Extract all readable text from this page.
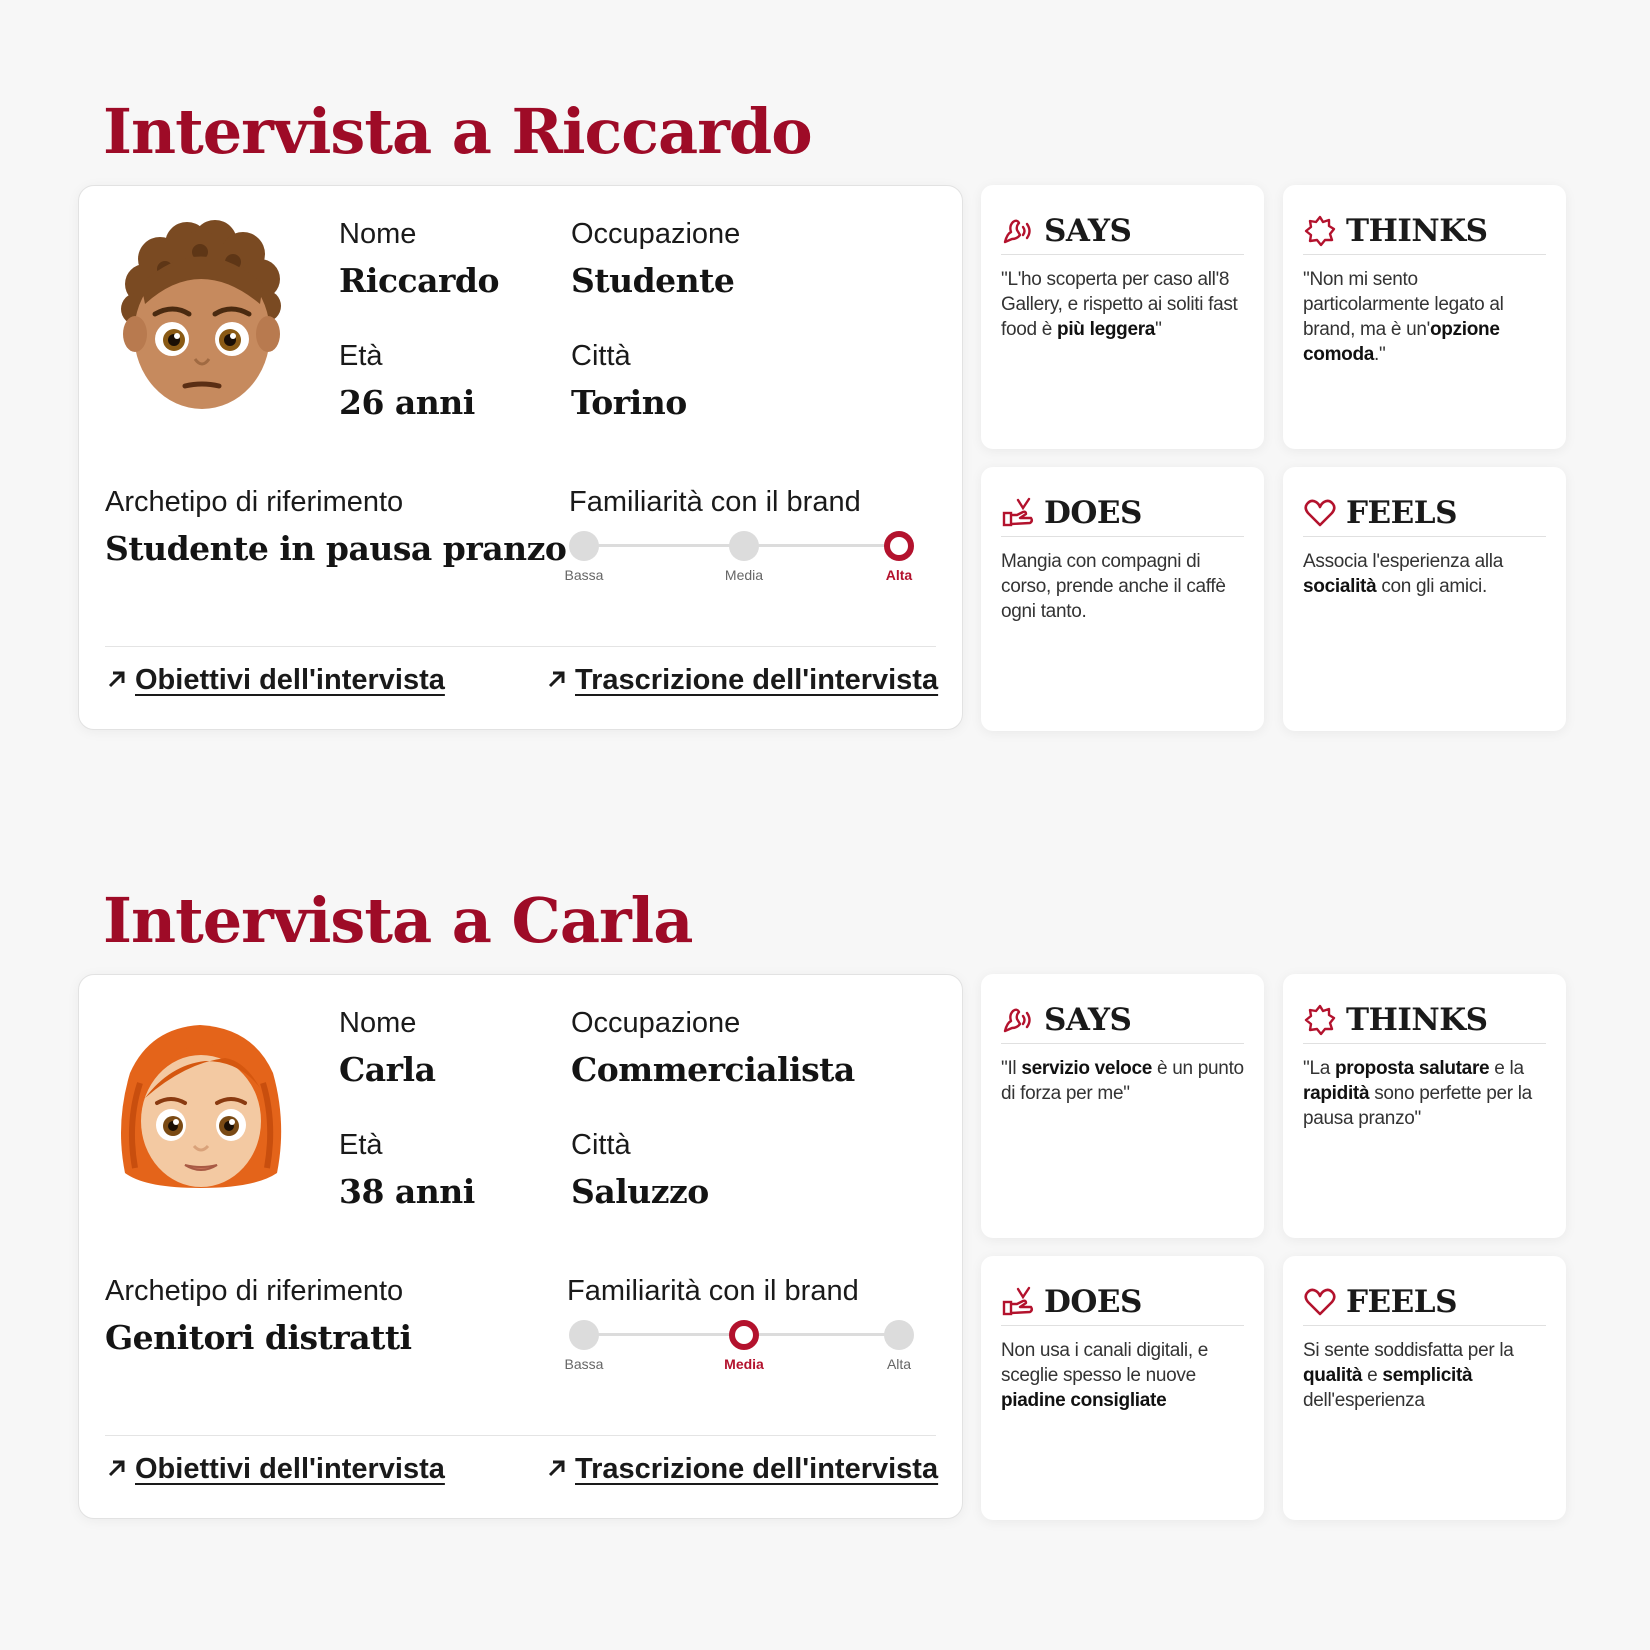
Intervista a Riccardo
Nome
Riccardo
Occupazione
Studente
Età
26 anni
Città
Torino
Archetipo di riferimento
Studente in pausa pranzo
Familiarità con il brand
Bassa	Media	Alta
Obiettivi dell'intervista	Trascrizione dell'intervista
SAYS
"L'ho scoperta per caso all'8 Gallery, e rispetto ai soliti fast food è più leggera"
THINKS
"Non mi sento particolarmente legato al brand, ma è un'opzione comoda."
DOES
Mangia con compagni di corso, prende anche il caffè ogni tanto.
FEELS
Associa l'esperienza alla socialità con gli amici.
Intervista a Carla
Nome
Carla
Occupazione
Commercialista
Età
38 anni
Città
Saluzzo
Archetipo di riferimento
Genitori distratti
Familiarità con il brand
Bassa	Media	Alta
Obiettivi dell'intervista	Trascrizione dell'intervista
SAYS
"Il servizio veloce è un punto di forza per me"
THINKS
"La proposta salutare e la rapidità sono perfette per la pausa pranzo"
DOES
Non usa i canali digitali, e sceglie spesso le nuove piadine consigliate
FEELS
Si sente soddisfatta per la qualità e semplicità dell'esperienza
